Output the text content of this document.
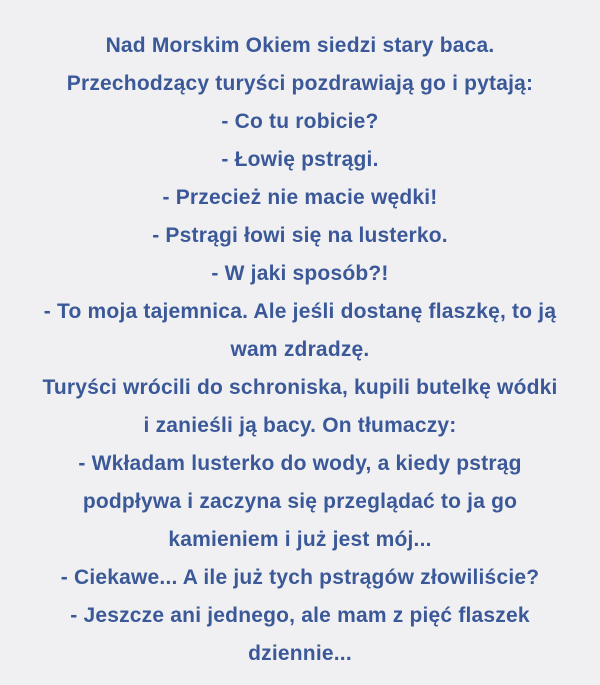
Nad Morskim Okiem siedzi stary baca.
Przechodzący turyści pozdrawiają go i pytają:
- Co tu robicie?
- Łowię pstrągi.
- Przecież nie macie wędki!
- Pstrągi łowi się na lusterko.
- W jaki sposób?!
- To moja tajemnica. Ale jeśli dostanę flaszkę, to ją
wam zdradzę.
Turyści wrócili do schroniska, kupili butelkę wódki
i zanieśli ją bacy. On tłumaczy:
- Wkładam lusterko do wody, a kiedy pstrąg
podpływa i zaczyna się przeglądać to ja go
kamieniem i już jest mój...
- Ciekawe... A ile już tych pstrągów złowiliście?
- Jeszcze ani jednego, ale mam z pięć flaszek
dziennie...
